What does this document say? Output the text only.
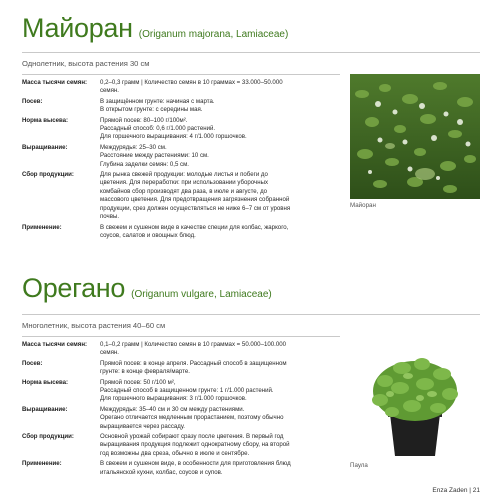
Майоран (Origanum majorana, Lamiaceae)
Однолетник, высота растения 30 см
Масса тысячи семян:	0,2–0,3 грамм | Количество семян в 10 граммах = 33.000–50.000
семян.
Посев:	В защищённом грунте: начиная с марта.
В открытом грунте: с середины мая.
Норма высева:	Прямой посев: 80–100 г/100м².
Рассадный способ: 0,6 г/1.000 растений.
Для горшечного выращивания: 4 г/1.000 горшочков.
Выращивание:	Междурядья: 25–30 см.
Расстояние между растениями: 10 см.
Глубина заделки семян: 0,5 см.
Сбор продукции:	Для рынка свежей продукции: молодые листья и побеги до
цветения. Для переработки: при использовании уборочных
комбайнов сбор производят два раза, в июле и августе, до
массового цветения. Для предотвращения загрязнения собранной
продукции, срез должен осуществляться не ниже 6–7 см от уровня
почвы.
Применение:	В свежем и сушеном виде в качестве специи для колбас, жаркого,
соусов, салатов и овощных блюд.
Майоран
Орегано (Origanum vulgare, Lamiaceae)
Многолетник, высота растения 40–60 см
Масса тысячи семян:	0,1–0,2 грамм | Количество семян в 10 граммах = 50.000–100.000
семян.
Посев:	Прямой посев: в конце апреля. Рассадный способ в защищенном
грунте: в конце февраля/марте.
Норма высева:	Прямой посев: 50 г/100 м²,
Рассадный способ в защищенном грунте: 1 г/1.000 растений.
Для горшечного выращивания: 3 г/1.000 горшочков.
Выращивание:	Междурядья: 35–40 см и 30 см между растениями.
Орегано отличается медленным прорастанием, поэтому обычно
выращивается через рассаду.
Сбор продукции:	Основной урожай собирают сразу после цветения. В первый год
выращивания продукция подлежит однократному сбору, на второй
год возможны два среза, обычно в июле и сентябре.
Применение:	В свежем и сушеном виде, в особенности для приготовления блюд
итальянской кухни, колбас, соусов и супов.
Паула
Enza Zaden | 21
